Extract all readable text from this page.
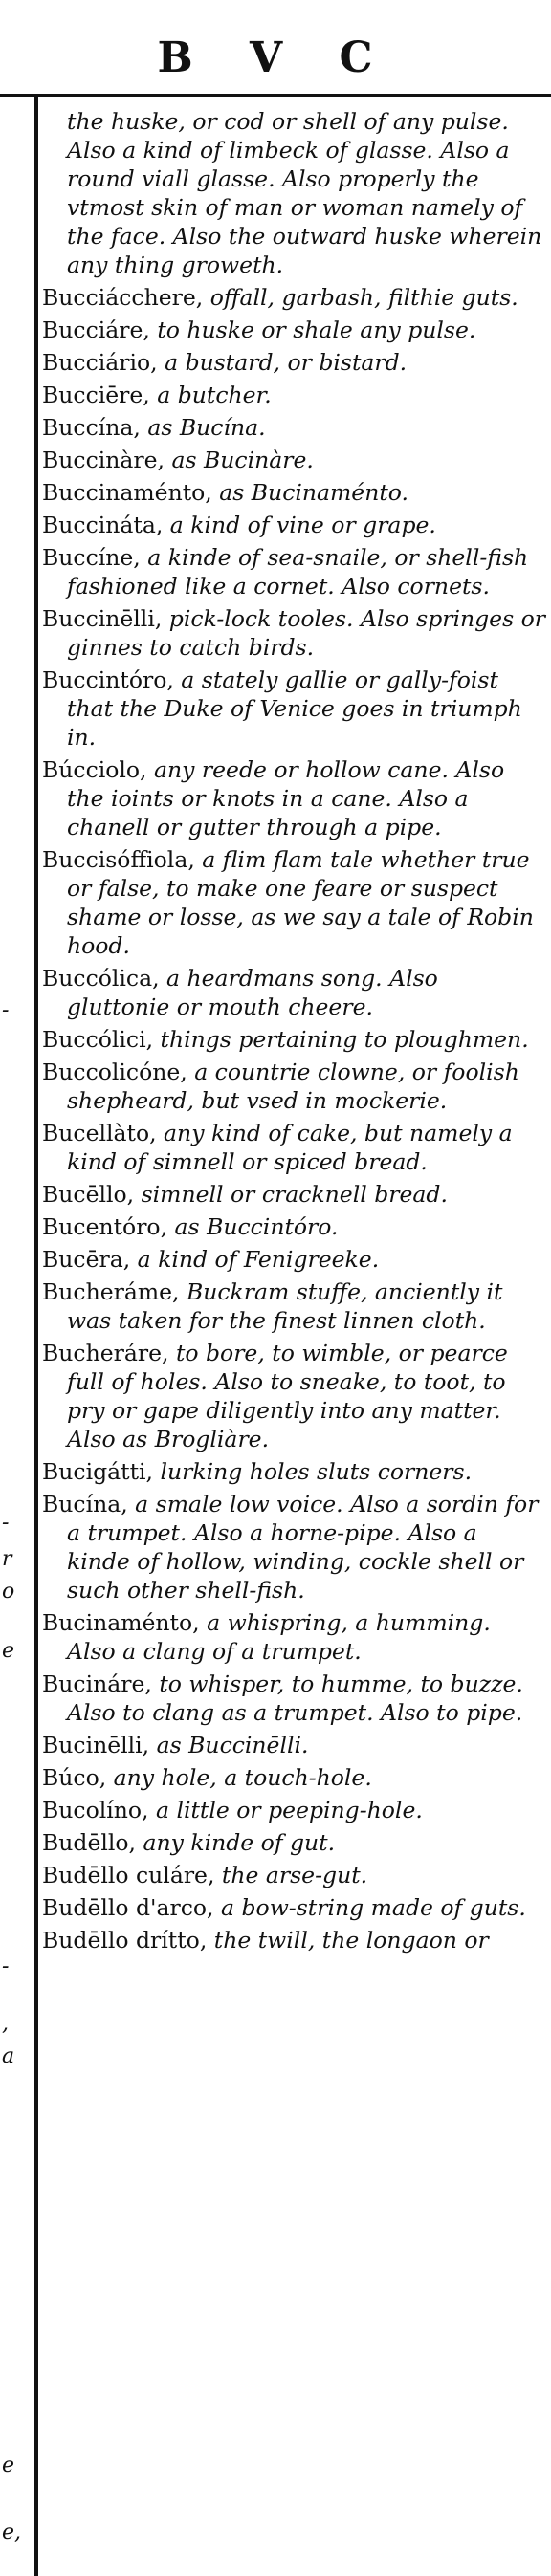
B V C
-
-
r
o
e
-
,
a
e
e,
the huske, or cod or shell of any pulse. Also a kind of limbeck of glasse. Also a round viall glasse. Also properly the vtmost skin of man or woman namely of the face. Also the outward huske wherein any thing groweth.
Bucciácchere, offall, garbash, filthie guts.
Bucciáre, to huske or shale any pulse.
Bucciário, a bustard, or bistard.
Bucciēre, a butcher.
Buccína, as Bucína.
Buccinàre, as Bucinàre.
Buccinaménto, as Bucinaménto.
Buccináta, a kind of vine or grape.
Buccíne, a kinde of sea-snaile, or shell-fish fashioned like a cornet. Also cornets.
Buccinēlli, pick-lock tooles. Also springes or ginnes to catch birds.
Buccintóro, a stately gallie or gally-foist that the Duke of Venice goes in triumph in.
Búcciolo, any reede or hollow cane. Also the ioints or knots in a cane. Also a chanell or gutter through a pipe.
Buccisóffiola, a flim flam tale whether true or false, to make one feare or suspect shame or losse, as we say a tale of Robin hood.
Buccólica, a heardmans song. Also gluttonie or mouth cheere.
Buccólici, things pertaining to ploughmen.
Buccolicóne, a countrie clowne, or foolish shepheard, but vsed in mockerie.
Bucellàto, any kind of cake, but namely a kind of simnell or spiced bread.
Bucēllo, simnell or cracknell bread.
Bucentóro, as Buccintóro.
Bucēra, a kind of Fenigreeke.
Bucheráme, Buckram stuffe, anciently it was taken for the finest linnen cloth.
Bucheráre, to bore, to wimble, or pearce full of holes. Also to sneake, to toot, to pry or gape diligently into any matter. Also as Brogliàre.
Bucigátti, lurking holes sluts corners.
Bucína, a smale low voice. Also a sordin for a trumpet. Also a horne-pipe. Also a kinde of hollow, winding, cockle shell or such other shell-fish.
Bucinaménto, a whispring, a humming. Also a clang of a trumpet.
Bucináre, to whisper, to humme, to buzze. Also to clang as a trumpet. Also to pipe.
Bucinēlli, as Buccinēlli.
Búco, any hole, a touch-hole.
Bucolíno, a little or peeping-hole.
Budēllo, any kinde of gut.
Budēllo culáre, the arse-gut.
Budēllo d'arco, a bow-string made of guts.
Budēllo drítto, the twill, the longaon or
